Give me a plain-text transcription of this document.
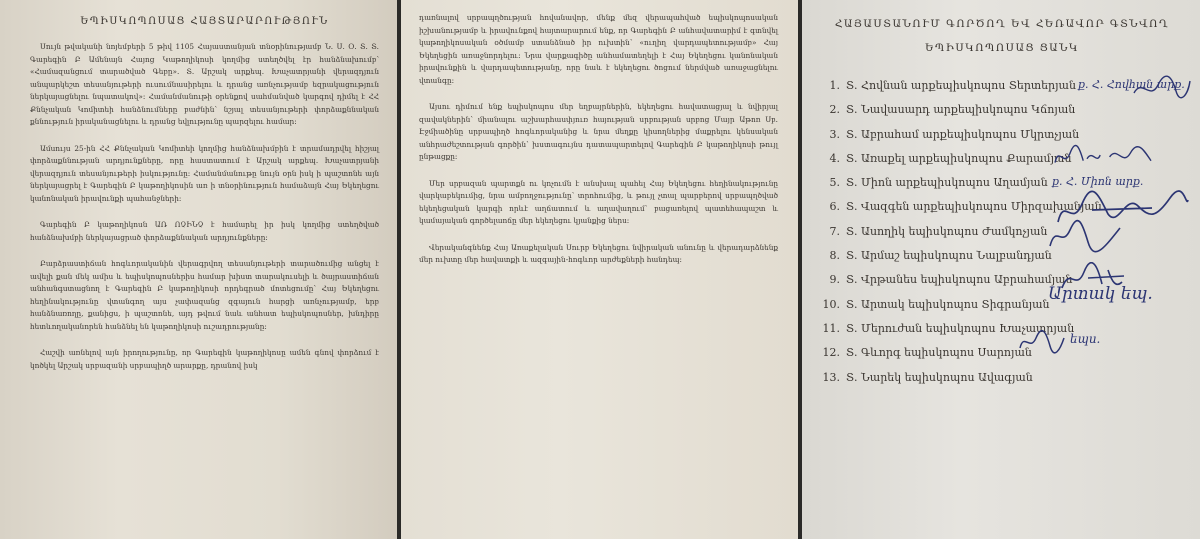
ԵՊԻՍԿՈՊՈՍԱՑ ՀԱՅՏԱՐԱՐՈՒԹՅՈՒՆ

Սույն թվականի նոյեմբերի 5 թիվ 1105 Հայաստանյան տնօրինությամբ Ն. Ս. Օ. Տ. Տ. Գարեգին Բ Ամենայն Հայոց Կաթողիկոսի կողմից ստեղծվել էր հանձնախումբ՝ «Համազանցում տարածված Գեբը». Տ. Արշակ արքեպ. Խաչատրյանի վերազդյուն անպարկեշտ տեսանյութերի ուսումնասիրելու և դրանց առնչությամբ եզրակացություն ներկայացնելու նպատակով»: Համանմանութի օրենքով սահմանված կարգով դիմել է ՀՀ Քննչական Կոմիտեի հանձնումները բաժնին՝ նշյալ տեսանյութերի փորձաքննական քննություն իրականացնելու և դրանց եվլությունը պարզելու համար:

Ամսույս 25-ին ՀՀ Քննչական Կոմիտեի կողմից հանձնախմբին է տրամադրվել հիշյալ փորձաքննության արդյունքները, որը հաստատում է Արշակ արքեպ. Խաչատրյանի վերազդյուն տեսանյութերի իսկությունը: Համանմանութը նույն օրն իսկ ի պաշտոնե այն ներկայացրել է Գարեգին Բ կաթողիկոսին առ ի տնօրինություն համաձայն Հայ Եկեղեցու կանոնական իրավունքի պահանջների:

Գարեգին Բ կաթողիկոսն ԱՌ ՈՉԻՆՉ է համարել իր իսկ կողմից ստեղծված հանձնախմբի ներկայացրած փորձաքննական արդյունքները:

Բարձրաստիճան հոգևորականին վերագրվող տեսանյութերի տարածումից անցել է ավելի քան մեկ ամիս և եպիսկոպոսներիս համար խիստ տարակուսելի և ծայրաստիճան անհանգստացնող է Գարեգին Բ կաթողիկոսի որդեգրած մոտեցումը՝ Հայ Եկեղեցու հեղինակությունը վտանգող այս չափազանց զգայուն հարցի առնչությամբ, երբ հանձնառողը, քանիցս, ի պաշտոնե, այդ թվում նաև անհատ եպիսկոպոսներ, խնդիրը հետևողականորեն հանձնել են կաթողիկոսի ուշադրությանը:

Հաշվի առնելով այն իրողությունը, որ Գարեգին կաթողիկոսը ամեն գնով փորձում է կոծկել Արշակ սրբազանի սրբապիղծ արարքը, դրանով իսկ

դառնալով սրբապղծության հովանավոր, մենք մեզ վերապահված եպիսկոպոսական իշխանությամբ և իրավունքով հայտարարում ենք, որ Գարեգին Բ անհավատարիմ է գտնվել կաթողիկոսական օծմամբ ստանձնած իր ուխտին՝ «ուղիղ վարդապետությամբ» Հայ Եկեղեցին առաջնորդելու: Նրա վարքագիծը անհամատեղելի է Հայ Եկեղեցու կանոնական իրավունքին և վարդապետությանը, որը նաև է եկեղեցու ծոցում ներմված առաջացնելու վտանգը:

Այսու դիմում ենք եպիսկոպոս մեր եղբայրներին, եկեղեցու հավատացյալ և նվիրյալ զավակներին՝ միանալու աշխարհասփյուռ հայության սրբության սրբոց Մայր Աթոռ Սբ. Էջմիածինը սրբապիղծ հոգևորականից և նրա մեղքը կիսողներից մաքրելու կենսական անհրաժեշտության գործին՝ խստագույնս դատապարտելով Գարեգին Բ կաթողիկոսի թույլ ընթացքը:

Մեր սրբազան պարտքն ու կոչումն է անսխալ պահել Հայ Եկեղեցու հեղինակությունը վարկաբեկումից, նրա ամբողջությունը՝ տրոհումից, և թույլ չտալ պարբերով սրբապղծված եկեղեցական կարգի որևէ աղճատում և աղավաղում՝ բացառելով պատեհապաշտ և կամայական գործելաոճը մեր եկեղեցու կյանքից ներս:

Վերականգնենք Հայ Առաքելական Սուրբ Եկեղեցու նվիրական անունը և վերադարձնենք մեր ուխտը մեր հավատքի և ազգային-հոգևոր արժեքների հանդեպ:

ՀԱՅԱՍՏԱՆՈՒՄ ԳՈՐԾՈՂ ԵՎ ՀԵՌԱՎՈՐ ԳՏՆՎՈՂ
ԵՊԻՍԿՈՊՈՍԱՑ ՑԱՆԿ
1. Տ. Հովնան արքեպիսկոպոս Տերտերյան
2. Տ. Նավասարդ արքեպիսկոպոս Կճոյան
3. Տ. Աբրահամ արքեպիսկոպոս Մկրտչյան
4. Տ. Առաքել արքեպիսկոպոս Քարամյան
5. Տ. Միոն արքեպիսկոպոս Աղամյան
6. Տ. Վազգեն արքեպիսկոպոս Միրզախանյան
7. Տ. Ասողիկ եպիսկոպոս Ժամկոչյան
8. Տ. Արմաշ եպիսկոպոս Նալբանդյան
9. Տ. Վրթանես եպիսկոպոս Աբրահամյան
10. Տ. Արտակ եպիսկոպոս Տիգրանյան
11. Տ. Մերուժան եպիսկոպոս Խաչատրյան
12. Տ. Գևորգ եպիսկոպոս Սարոյան
13. Տ. Նարեկ եպիսկոպոս Ավագյան
ք. Հ. Հովհան արք.
ք. Հ. Միոն արք.
Արտակ եպ.
եպս.
